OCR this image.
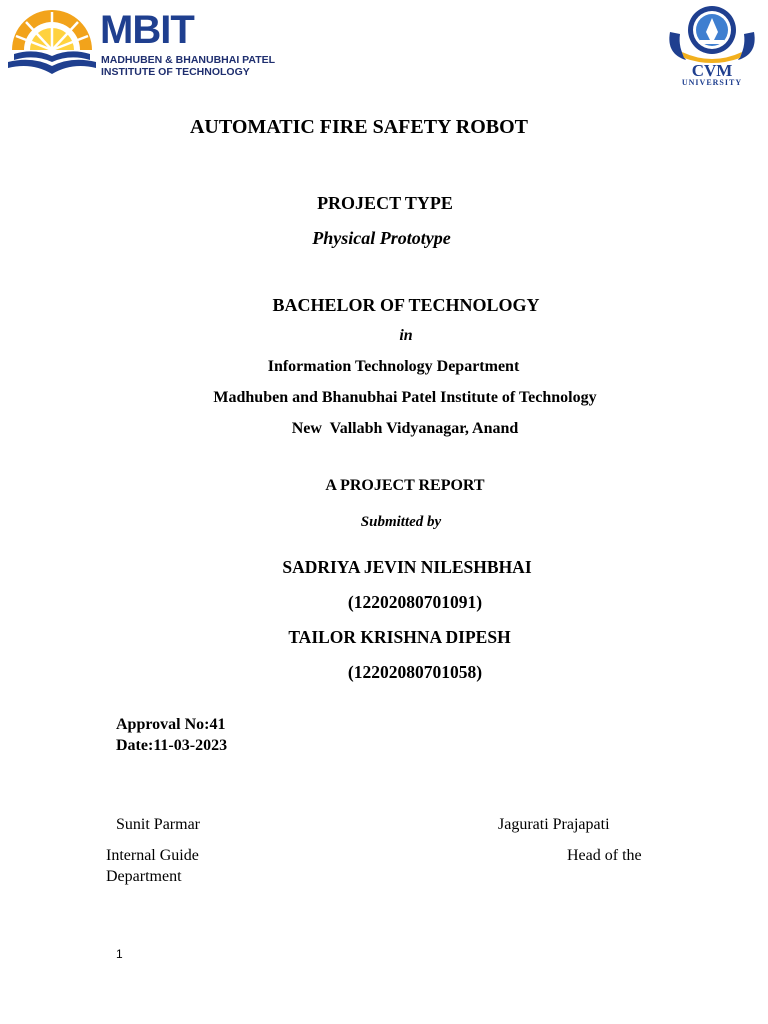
MBIT
MADHUBEN & BHANUBHAI PATEL
INSTITUTE OF TECHNOLOGY	CVM
UNIVERSITY
AUTOMATIC FIRE SAFETY ROBOT
PROJECT TYPE
Physical Prototype
BACHELOR OF TECHNOLOGY
in
Information Technology Department
Madhuben and Bhanubhai Patel Institute of Technology
New  Vallabh Vidyanagar, Anand
A PROJECT REPORT
Submitted by
SADRIYA JEVIN NILESHBHAI
(12202080701091)
TAILOR KRISHNA DIPESH
(12202080701058)
Approval No:41
Date:11-03-2023
Sunit Parmar	Jagurati Prajapati
Internal Guide	Head of the
Department
1
